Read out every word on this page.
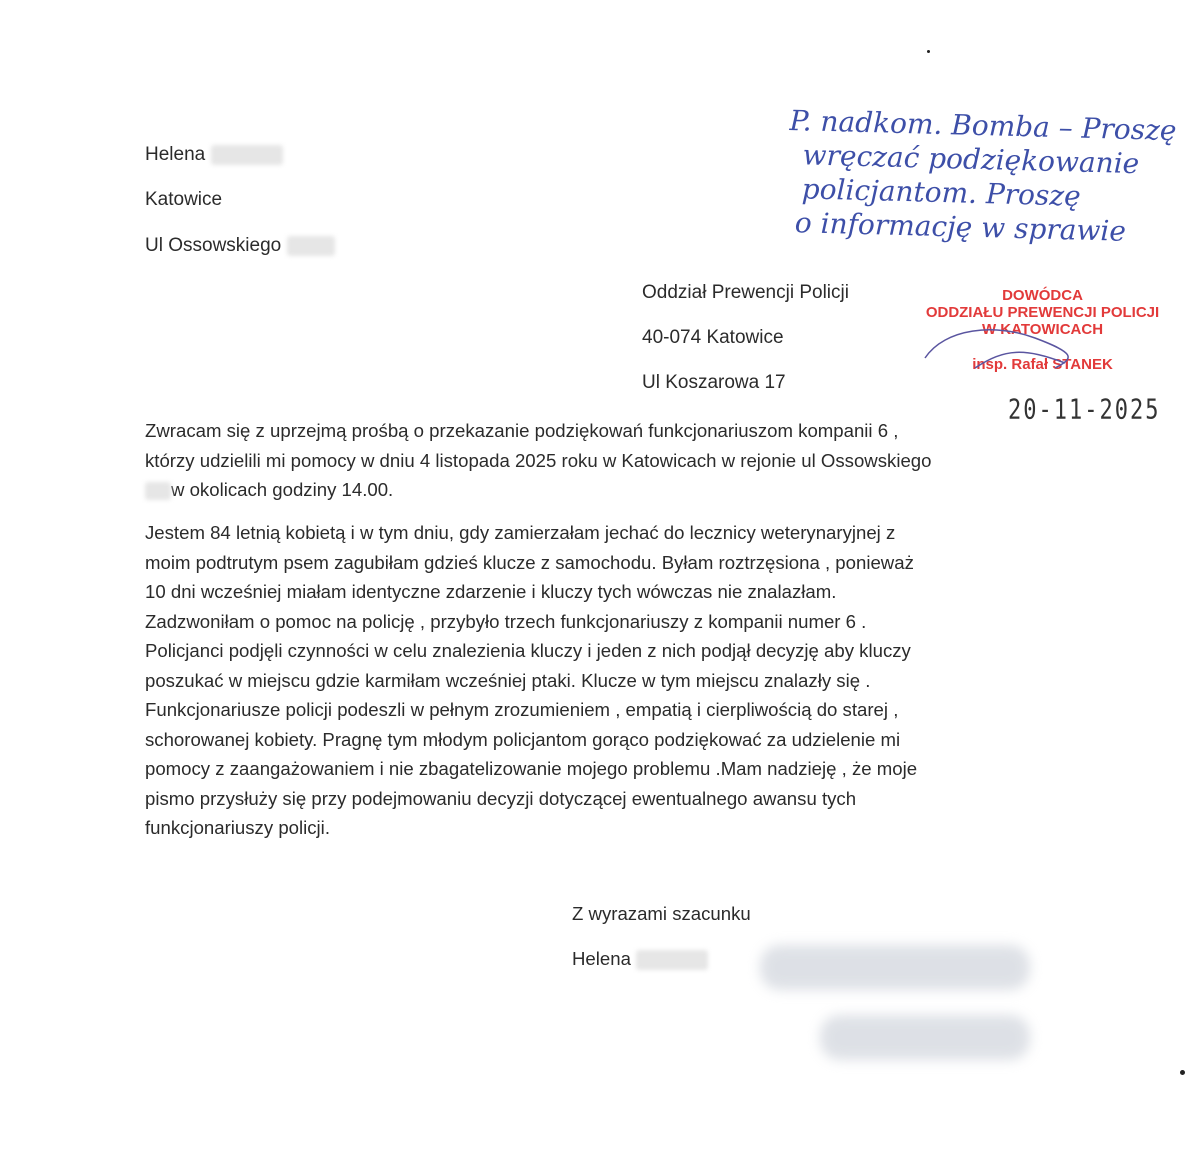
Helena
Katowice
Ul Ossowskiego
P. nadkom. Bomba – Proszę
wręczać podziękowanie
policjantom. Proszę
o informację w sprawie
Oddział Prewencji Policji
40-074 Katowice
Ul Koszarowa 17
DOWÓDCA
ODDZIAŁU PREWENCJI POLICJI
W KATOWICACH
insp. Rafał STANEK
20-11-2025
Zwracam się z uprzejmą prośbą o przekazanie podziękowań funkcjonariuszom kompanii 6 ,
którzy udzielili mi pomocy w dniu 4 listopada 2025 roku w Katowicach w rejonie ul Ossowskiego
w okolicach godziny 14.00.
Jestem 84 letnią kobietą i w tym dniu, gdy zamierzałam jechać do lecznicy weterynaryjnej z
moim podtrutym psem zagubiłam gdzieś klucze z samochodu. Byłam roztrzęsiona , ponieważ
10 dni wcześniej miałam identyczne zdarzenie i kluczy tych wówczas nie znalazłam.
Zadzwoniłam o pomoc na policję , przybyło trzech funkcjonariuszy z kompanii numer 6 .
Policjanci podjęli czynności w celu znalezienia kluczy i jeden z nich podjął decyzję aby kluczy
poszukać w miejscu gdzie karmiłam wcześniej ptaki. Klucze w tym miejscu znalazły się .
Funkcjonariusze policji podeszli w pełnym zrozumieniem , empatią i cierpliwością do starej ,
schorowanej kobiety. Pragnę tym młodym policjantom gorąco podziękować za udzielenie mi
pomocy z zaangażowaniem i nie zbagatelizowanie mojego problemu .Mam nadzieję , że moje
pismo przysłuży się przy podejmowaniu decyzji dotyczącej ewentualnego awansu tych
funkcjonariuszy policji.
Z wyrazami szacunku
Helena
